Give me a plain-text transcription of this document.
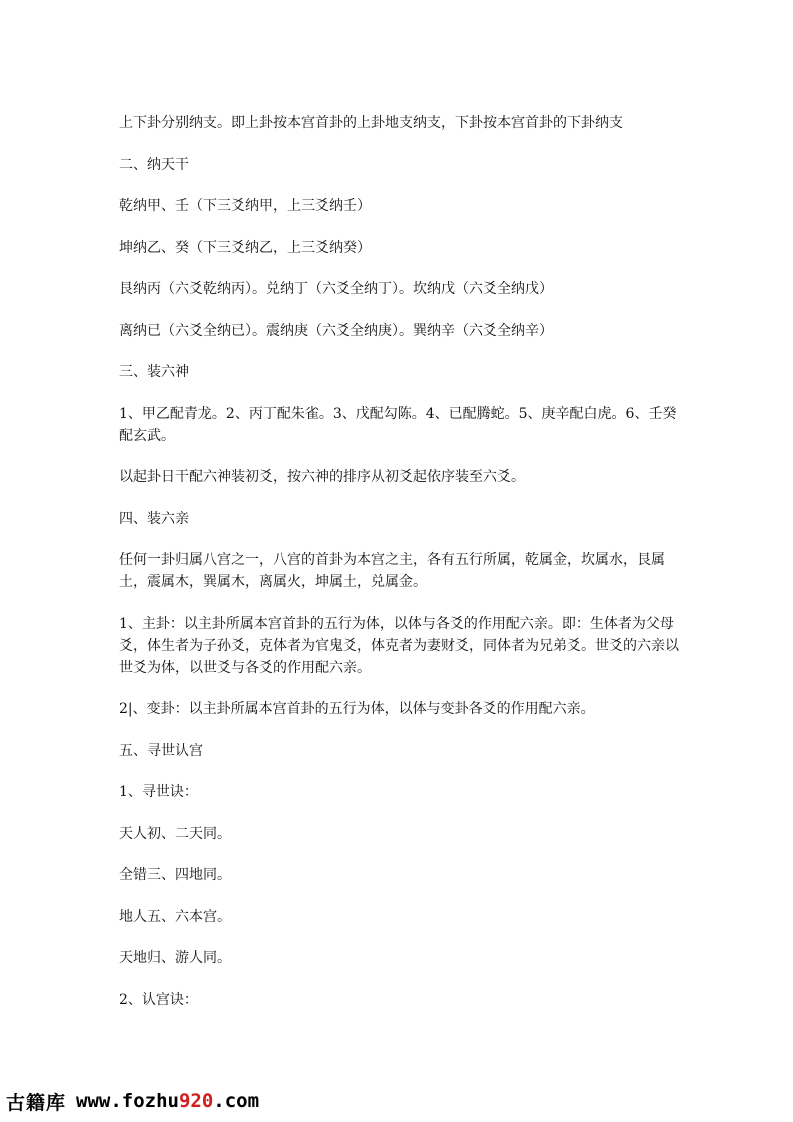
上下卦分别纳支。即上卦按本宫首卦的上卦地支纳支，下卦按本宫首卦的下卦纳支

二、纳天干

乾纳甲、壬（下三爻纳甲，上三爻纳壬）

坤纳乙、癸（下三爻纳乙，上三爻纳癸）

艮纳丙（六爻乾纳丙）。兑纳丁（六爻全纳丁）。坎纳戊（六爻全纳戊）

离纳已（六爻全纳已）。震纳庚（六爻全纳庚）。巽纳辛（六爻全纳辛）

三、装六神

1、甲乙配青龙。2、丙丁配朱雀。3、戊配勾陈。4、已配腾蛇。5、庚辛配白虎。6、壬癸配玄武。

以起卦日干配六神装初爻，按六神的排序从初爻起依序装至六爻。

四、装六亲

任何一卦归属八宫之一，八宫的首卦为本宫之主，各有五行所属，乾属金，坎属水，艮属土，震属木，巽属木，离属火，坤属土，兑属金。

1、主卦：以主卦所属本宫首卦的五行为体，以体与各爻的作用配六亲。即：生体者为父母爻，体生者为子孙爻，克体者为官鬼爻，体克者为妻财爻，同体者为兄弟爻。世爻的六亲以世爻为体，以世爻与各爻的作用配六亲。

2|、变卦：以主卦所属本宫首卦的五行为体，以体与变卦各爻的作用配六亲。

五、寻世认宫

1、寻世诀：

天人初、二天同。

全错三、四地同。

地人五、六本宫。

天地归、游人同。

2、认宫诀：

古籍库 www.fozhu920.com
